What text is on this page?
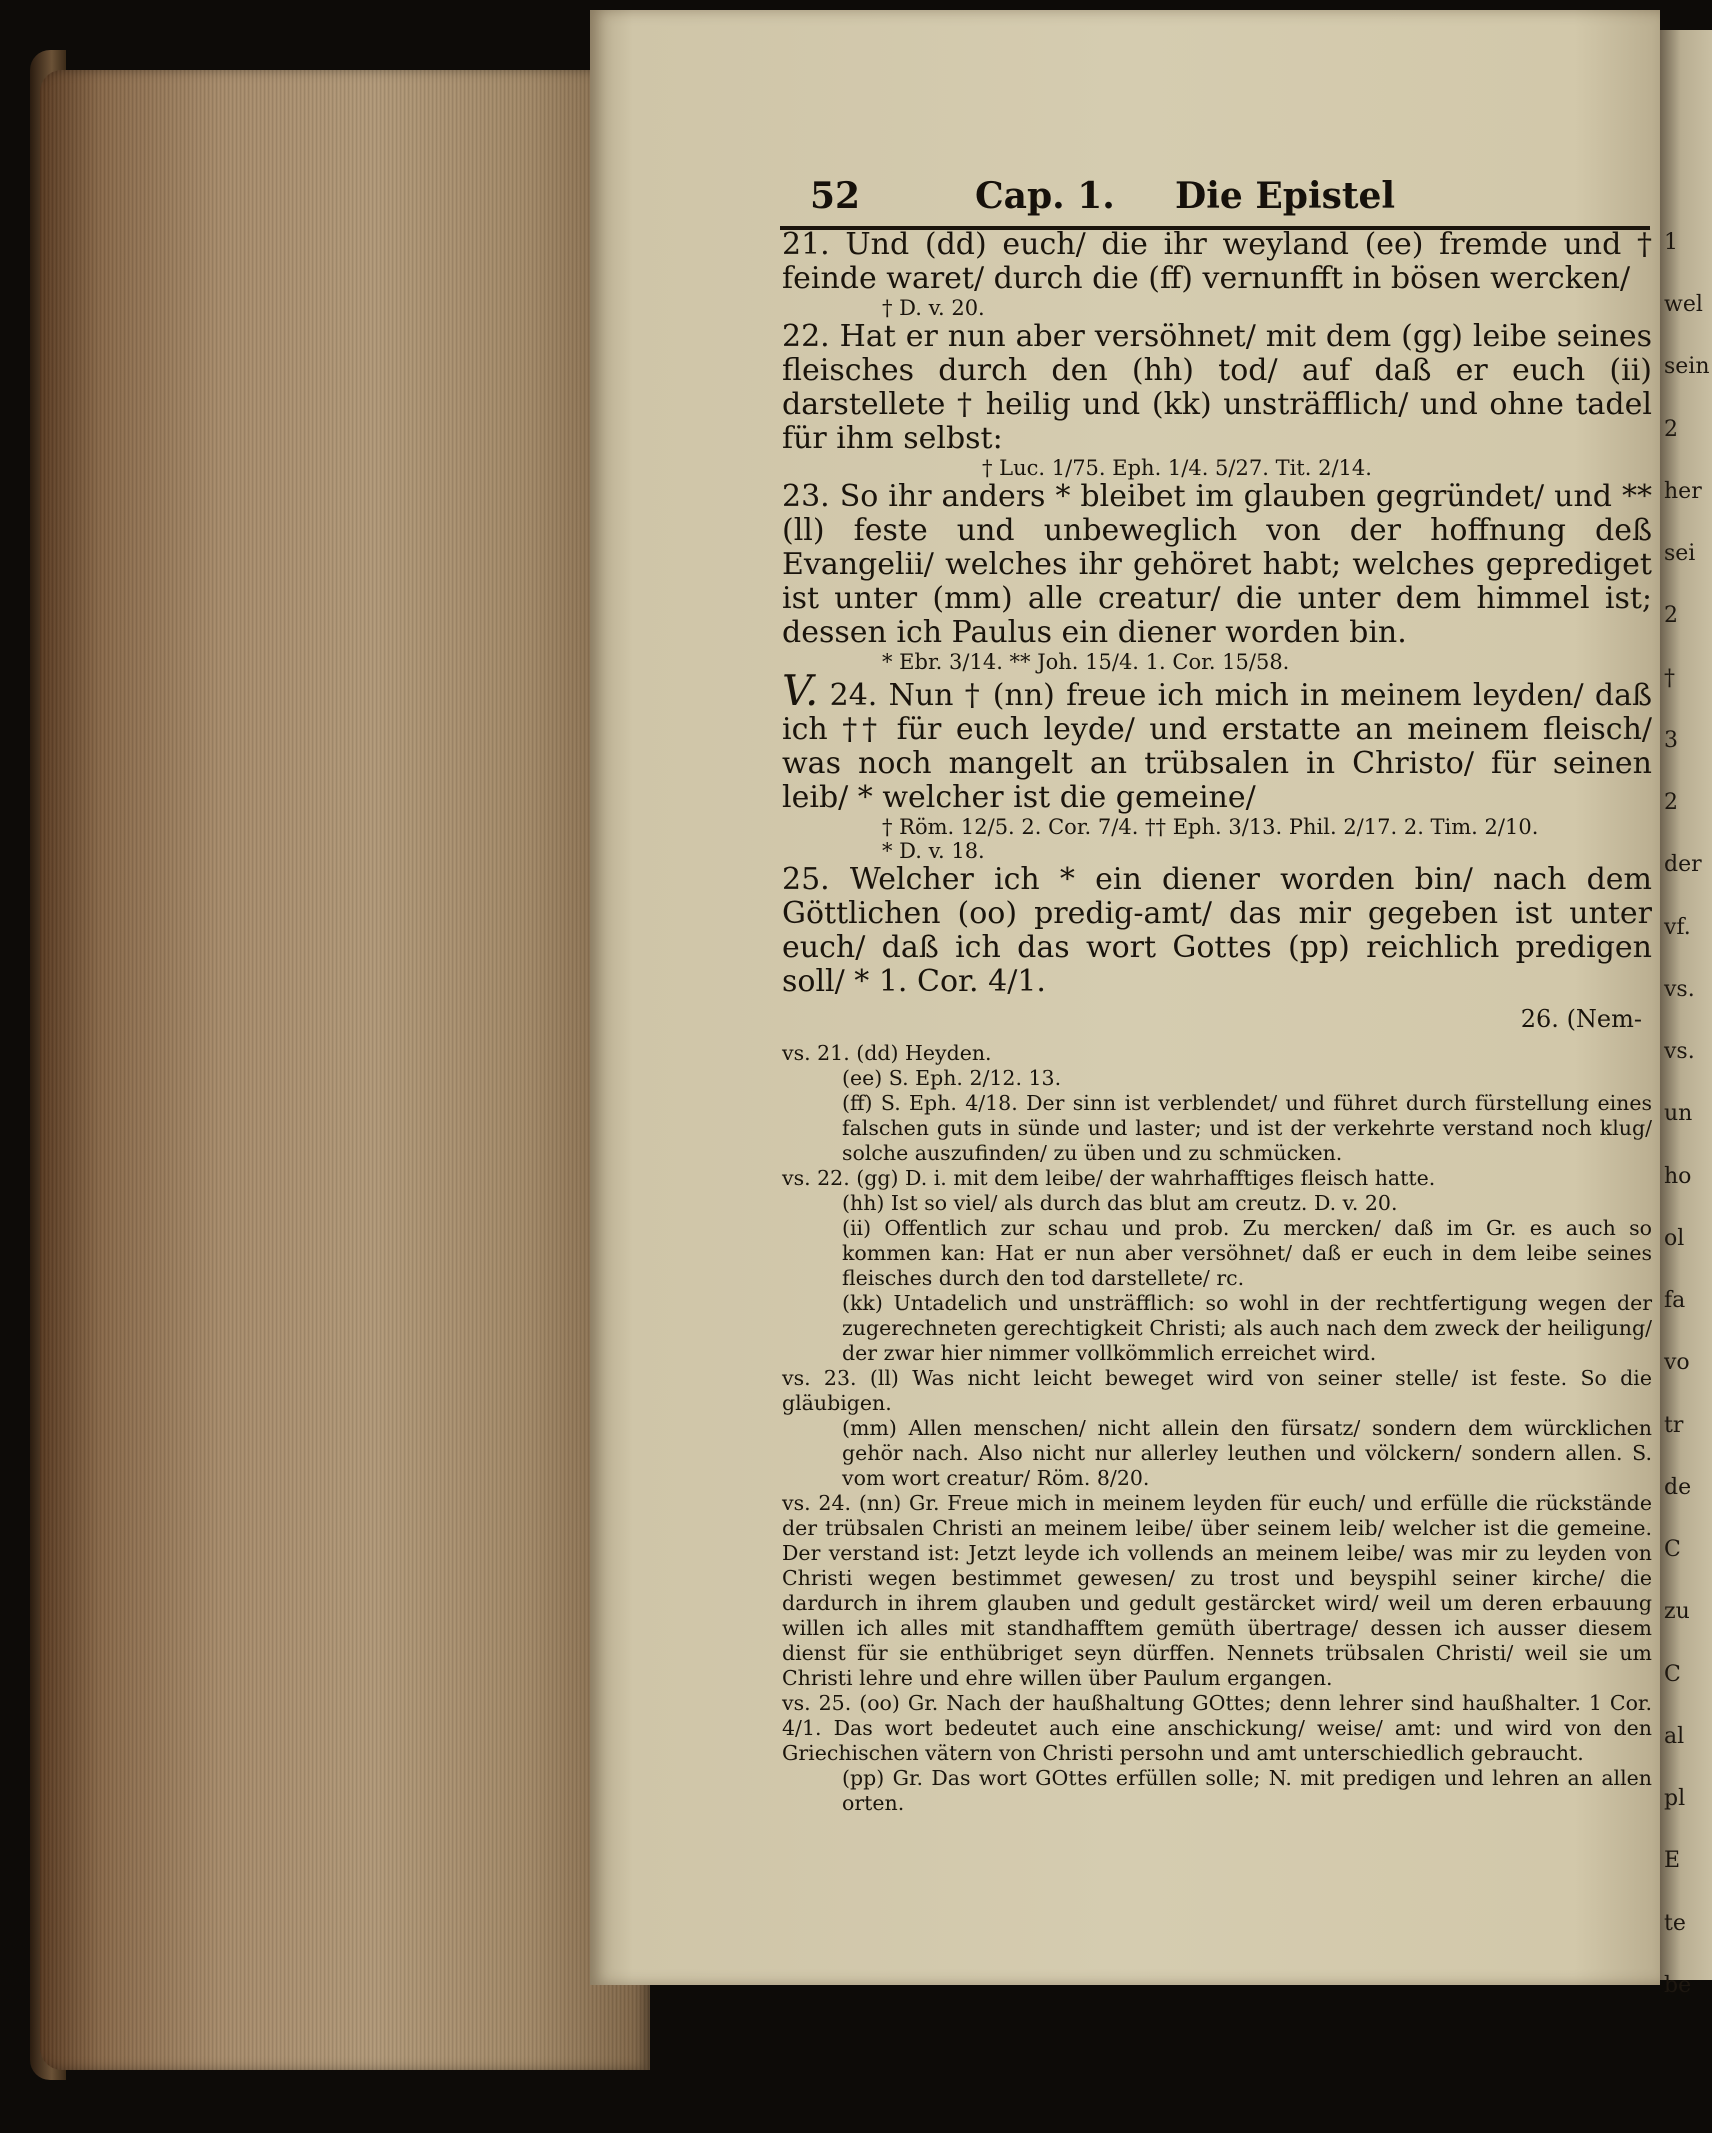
1
wel
sein
2
her
sei
2
†
3
2
der
vf.
vs.
vs.
un
ho
ol
fa
vo
tr
de
C
zu
C
al
pl
E
te
be
52	Cap. 1. Die Epistel
21. Und (dd) euch/ die ihr weyland (ee) fremde und † feinde waret/ durch die (ff) vernunfft in bösen wercken/
† D. v. 20.
22. Hat er nun aber versöhnet/ mit dem (gg) leibe seines fleisches durch den (hh) tod/ auf daß er euch (ii) darstellete † heilig und (kk) unsträfflich/ und ohne tadel für ihm selbst:
† Luc. 1/75. Eph. 1/4. 5/27. Tit. 2/14.
23. So ihr anders * bleibet im glauben gegründet/ und ** (ll) feste und unbeweglich von der hoffnung deß Evangelii/ welches ihr gehöret habt; welches geprediget ist unter (mm) alle creatur/ die unter dem himmel ist; dessen ich Paulus ein diener worden bin.
* Ebr. 3/14. ** Joh. 15/4. 1. Cor. 15/58.
V. 24. Nun † (nn) freue ich mich in meinem leyden/ daß ich †† für euch leyde/ und erstatte an meinem fleisch/ was noch mangelt an trübsalen in Christo/ für seinen leib/ * welcher ist die gemeine/
† Röm. 12/5. 2. Cor. 7/4. †† Eph. 3/13. Phil. 2/17. 2. Tim. 2/10.
* D. v. 18.
25. Welcher ich * ein diener worden bin/ nach dem Göttlichen (oo) predig-amt/ das mir gegeben ist unter euch/ daß ich das wort Gottes (pp) reichlich predigen soll/ * 1. Cor. 4/1.
26. (Nem-
vs. 21. (dd) Heyden.
(ee) S. Eph. 2/12. 13.
(ff) S. Eph. 4/18. Der sinn ist verblendet/ und führet durch fürstellung eines falschen guts in sünde und laster; und ist der verkehrte verstand noch klug/ solche auszufinden/ zu üben und zu schmücken.
vs. 22. (gg) D. i. mit dem leibe/ der wahrhafftiges fleisch hatte.
(hh) Ist so viel/ als durch das blut am creutz. D. v. 20.
(ii) Offentlich zur schau und prob. Zu mercken/ daß im Gr. es auch so kommen kan: Hat er nun aber versöhnet/ daß er euch in dem leibe seines fleisches durch den tod darstellete/ rc.
(kk) Untadelich und unsträfflich: so wohl in der rechtfertigung wegen der zugerechneten gerechtigkeit Christi; als auch nach dem zweck der heiligung/ der zwar hier nimmer vollkömmlich erreichet wird.
vs. 23. (ll) Was nicht leicht beweget wird von seiner stelle/ ist feste. So die gläubigen.
(mm) Allen menschen/ nicht allein den fürsatz/ sondern dem würcklichen gehör nach. Also nicht nur allerley leuthen und völckern/ sondern allen. S. vom wort creatur/ Röm. 8/20.
vs. 24. (nn) Gr. Freue mich in meinem leyden für euch/ und erfülle die rückstände der trübsalen Christi an meinem leibe/ über seinem leib/ welcher ist die gemeine. Der verstand ist: Jetzt leyde ich vollends an meinem leibe/ was mir zu leyden von Christi wegen bestimmet gewesen/ zu trost und beyspihl seiner kirche/ die dardurch in ihrem glauben und gedult gestärcket wird/ weil um deren erbauung willen ich alles mit standhafftem gemüth übertrage/ dessen ich ausser diesem dienst für sie enthübriget seyn dürffen. Nennets trübsalen Christi/ weil sie um Christi lehre und ehre willen über Paulum ergangen.
vs. 25. (oo) Gr. Nach der haußhaltung GOttes; denn lehrer sind haußhalter. 1 Cor. 4/1. Das wort bedeutet auch eine anschickung/ weise/ amt: und wird von den Griechischen vätern von Christi persohn und amt unterschiedlich gebraucht.
(pp) Gr. Das wort GOttes erfüllen solle; N. mit predigen und lehren an allen orten.
